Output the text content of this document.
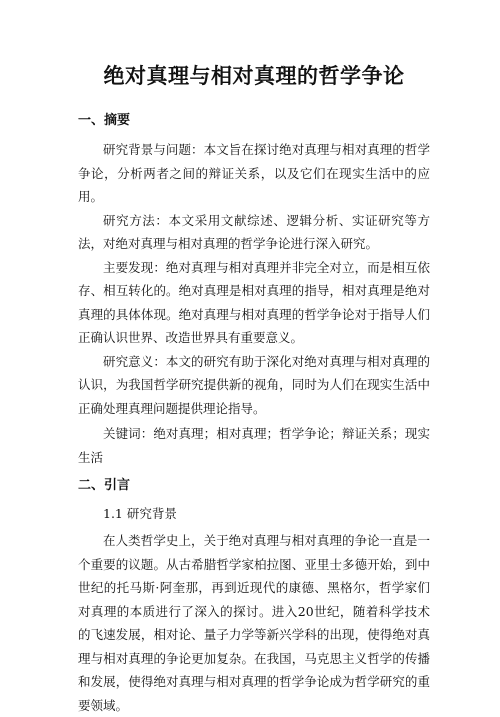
绝对真理与相对真理的哲学争论
一、摘要

研究背景与问题：本文旨在探讨绝对真理与相对真理的哲学争论，分析两者之间的辩证关系，以及它们在现实生活中的应用。

研究方法：本文采用文献综述、逻辑分析、实证研究等方法，对绝对真理与相对真理的哲学争论进行深入研究。

主要发现：绝对真理与相对真理并非完全对立，而是相互依存、相互转化的。绝对真理是相对真理的指导，相对真理是绝对真理的具体体现。绝对真理与相对真理的哲学争论对于指导人们正确认识世界、改造世界具有重要意义。

研究意义：本文的研究有助于深化对绝对真理与相对真理的认识，为我国哲学研究提供新的视角，同时为人们在现实生活中正确处理真理问题提供理论指导。

关键词：绝对真理；相对真理；哲学争论；辩证关系；现实生活

二、引言
1.1 研究背景

在人类哲学史上，关于绝对真理与相对真理的争论一直是一个重要的议题。从古希腊哲学家柏拉图、亚里士多德开始，到中世纪的托马斯·阿奎那，再到近现代的康德、黑格尔，哲学家们对真理的本质进行了深入的探讨。进入20世纪，随着科学技术的飞速发展，相对论、量子力学等新兴学科的出现，使得绝对真理与相对真理的争论更加复杂。在我国，马克思主义哲学的传播和发展，使得绝对真理与相对真理的哲学争论成为哲学研究的重要领域。
